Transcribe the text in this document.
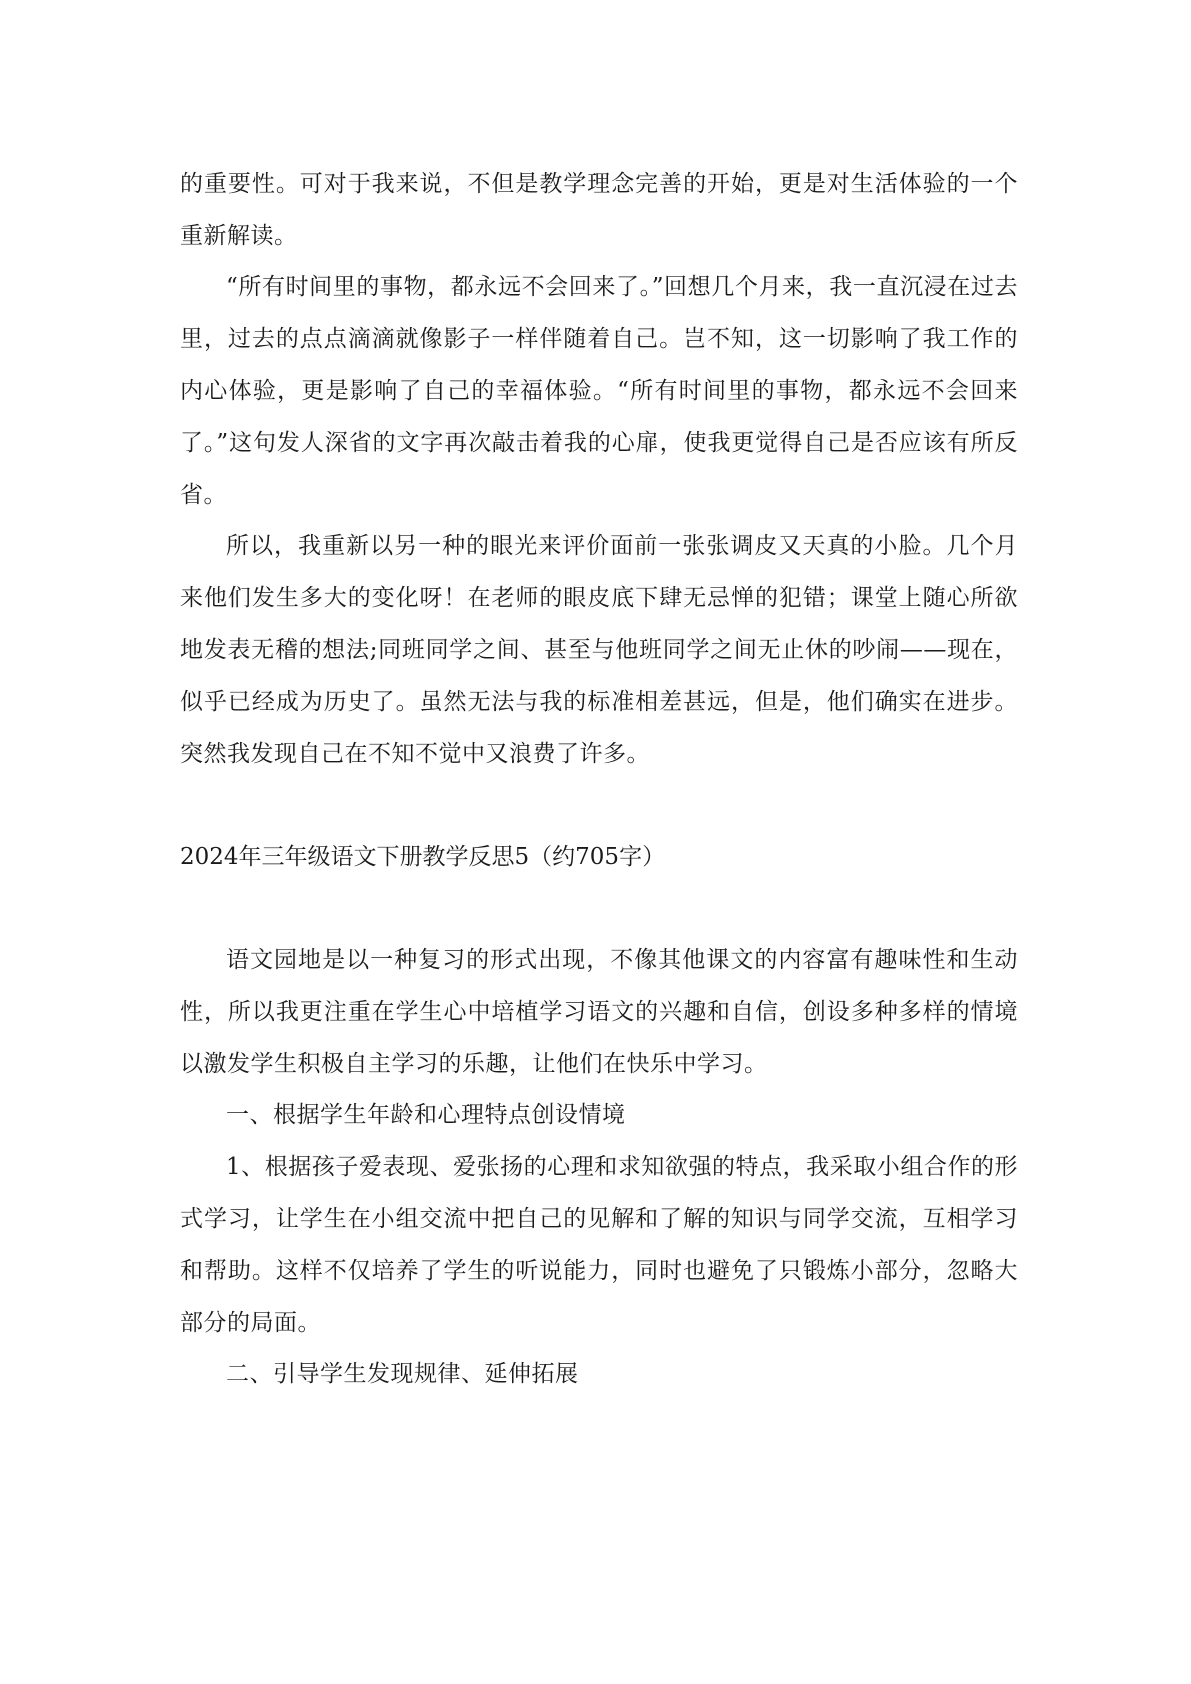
的重要性。可对于我来说，不但是教学理念完善的开始，更是对生活体验的一个重新解读。

“所有时间里的事物，都永远不会回来了。”回想几个月来，我一直沉浸在过去里，过去的点点滴滴就像影子一样伴随着自己。岂不知，这一切影响了我工作的内心体验，更是影响了自己的幸福体验。“所有时间里的事物，都永远不会回来了。”这句发人深省的文字再次敲击着我的心扉，使我更觉得自己是否应该有所反省。

所以，我重新以另一种的眼光来评价面前一张张调皮又天真的小脸。几个月来他们发生多大的变化呀！在老师的眼皮底下肆无忌惮的犯错；课堂上随心所欲地发表无稽的想法;同班同学之间、甚至与他班同学之间无止休的吵闹——现在，似乎已经成为历史了。虽然无法与我的标准相差甚远，但是，他们确实在进步。突然我发现自己在不知不觉中又浪费了许多。

2024年三年级语文下册教学反思5（约705字）

语文园地是以一种复习的形式出现，不像其他课文的内容富有趣味性和生动性，所以我更注重在学生心中培植学习语文的兴趣和自信，创设多种多样的情境以激发学生积极自主学习的乐趣，让他们在快乐中学习。

一、根据学生年龄和心理特点创设情境

1、根据孩子爱表现、爱张扬的心理和求知欲强的特点，我采取小组合作的形式学习，让学生在小组交流中把自己的见解和了解的知识与同学交流，互相学习和帮助。这样不仅培养了学生的听说能力，同时也避免了只锻炼小部分，忽略大部分的局面。

二、引导学生发现规律、延伸拓展
